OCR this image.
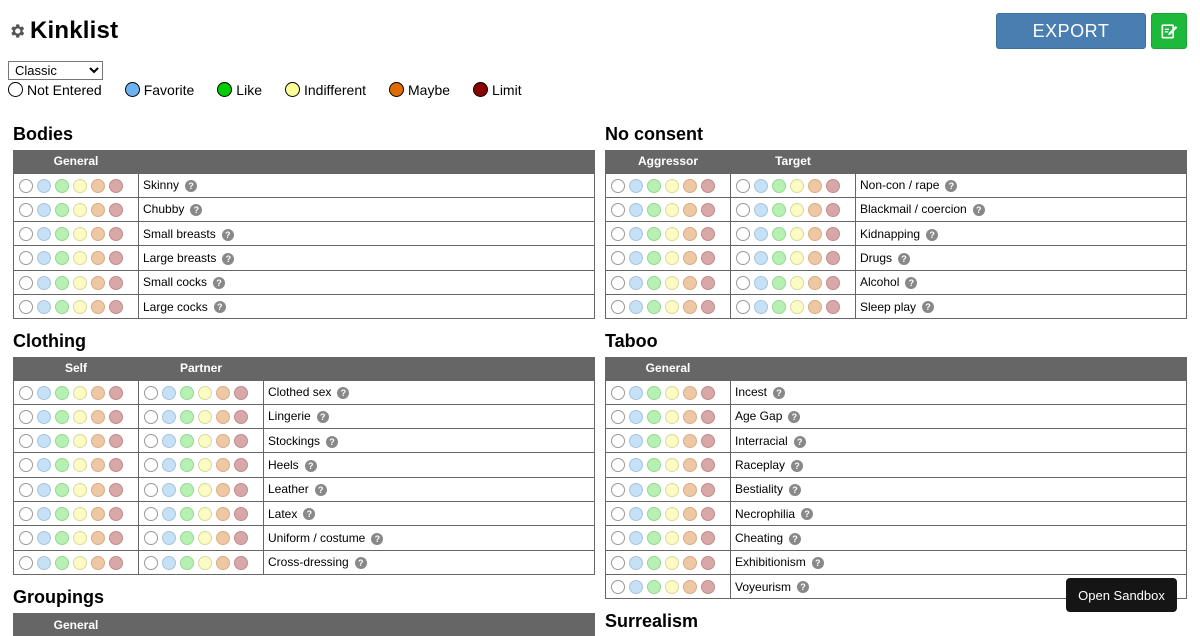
Kinklist	EXPORT
Classic
Not Entered	Favorite	Like	Indifferent	Maybe	Limit
Bodies
General	
	Skinny ?
	Chubby ?
	Small breasts ?
	Large breasts ?
	Small cocks ?
	Large cocks ?
Clothing
Self	Partner	
		Clothed sex ?
		Lingerie ?
		Stockings ?
		Heels ?
		Leather ?
		Latex ?
		Uniform / costume ?
		Cross-dressing ?
Groupings
General	
No consent
Aggressor	Target	
		Non-con / rape ?
		Blackmail / coercion ?
		Kidnapping ?
		Drugs ?
		Alcohol ?
		Sleep play ?
Taboo
General	
	Incest ?
	Age Gap ?
	Interracial ?
	Raceplay ?
	Bestiality ?
	Necrophilia ?
	Cheating ?
	Exhibitionism ?
	Voyeurism ?
Surrealism
Open Sandbox
